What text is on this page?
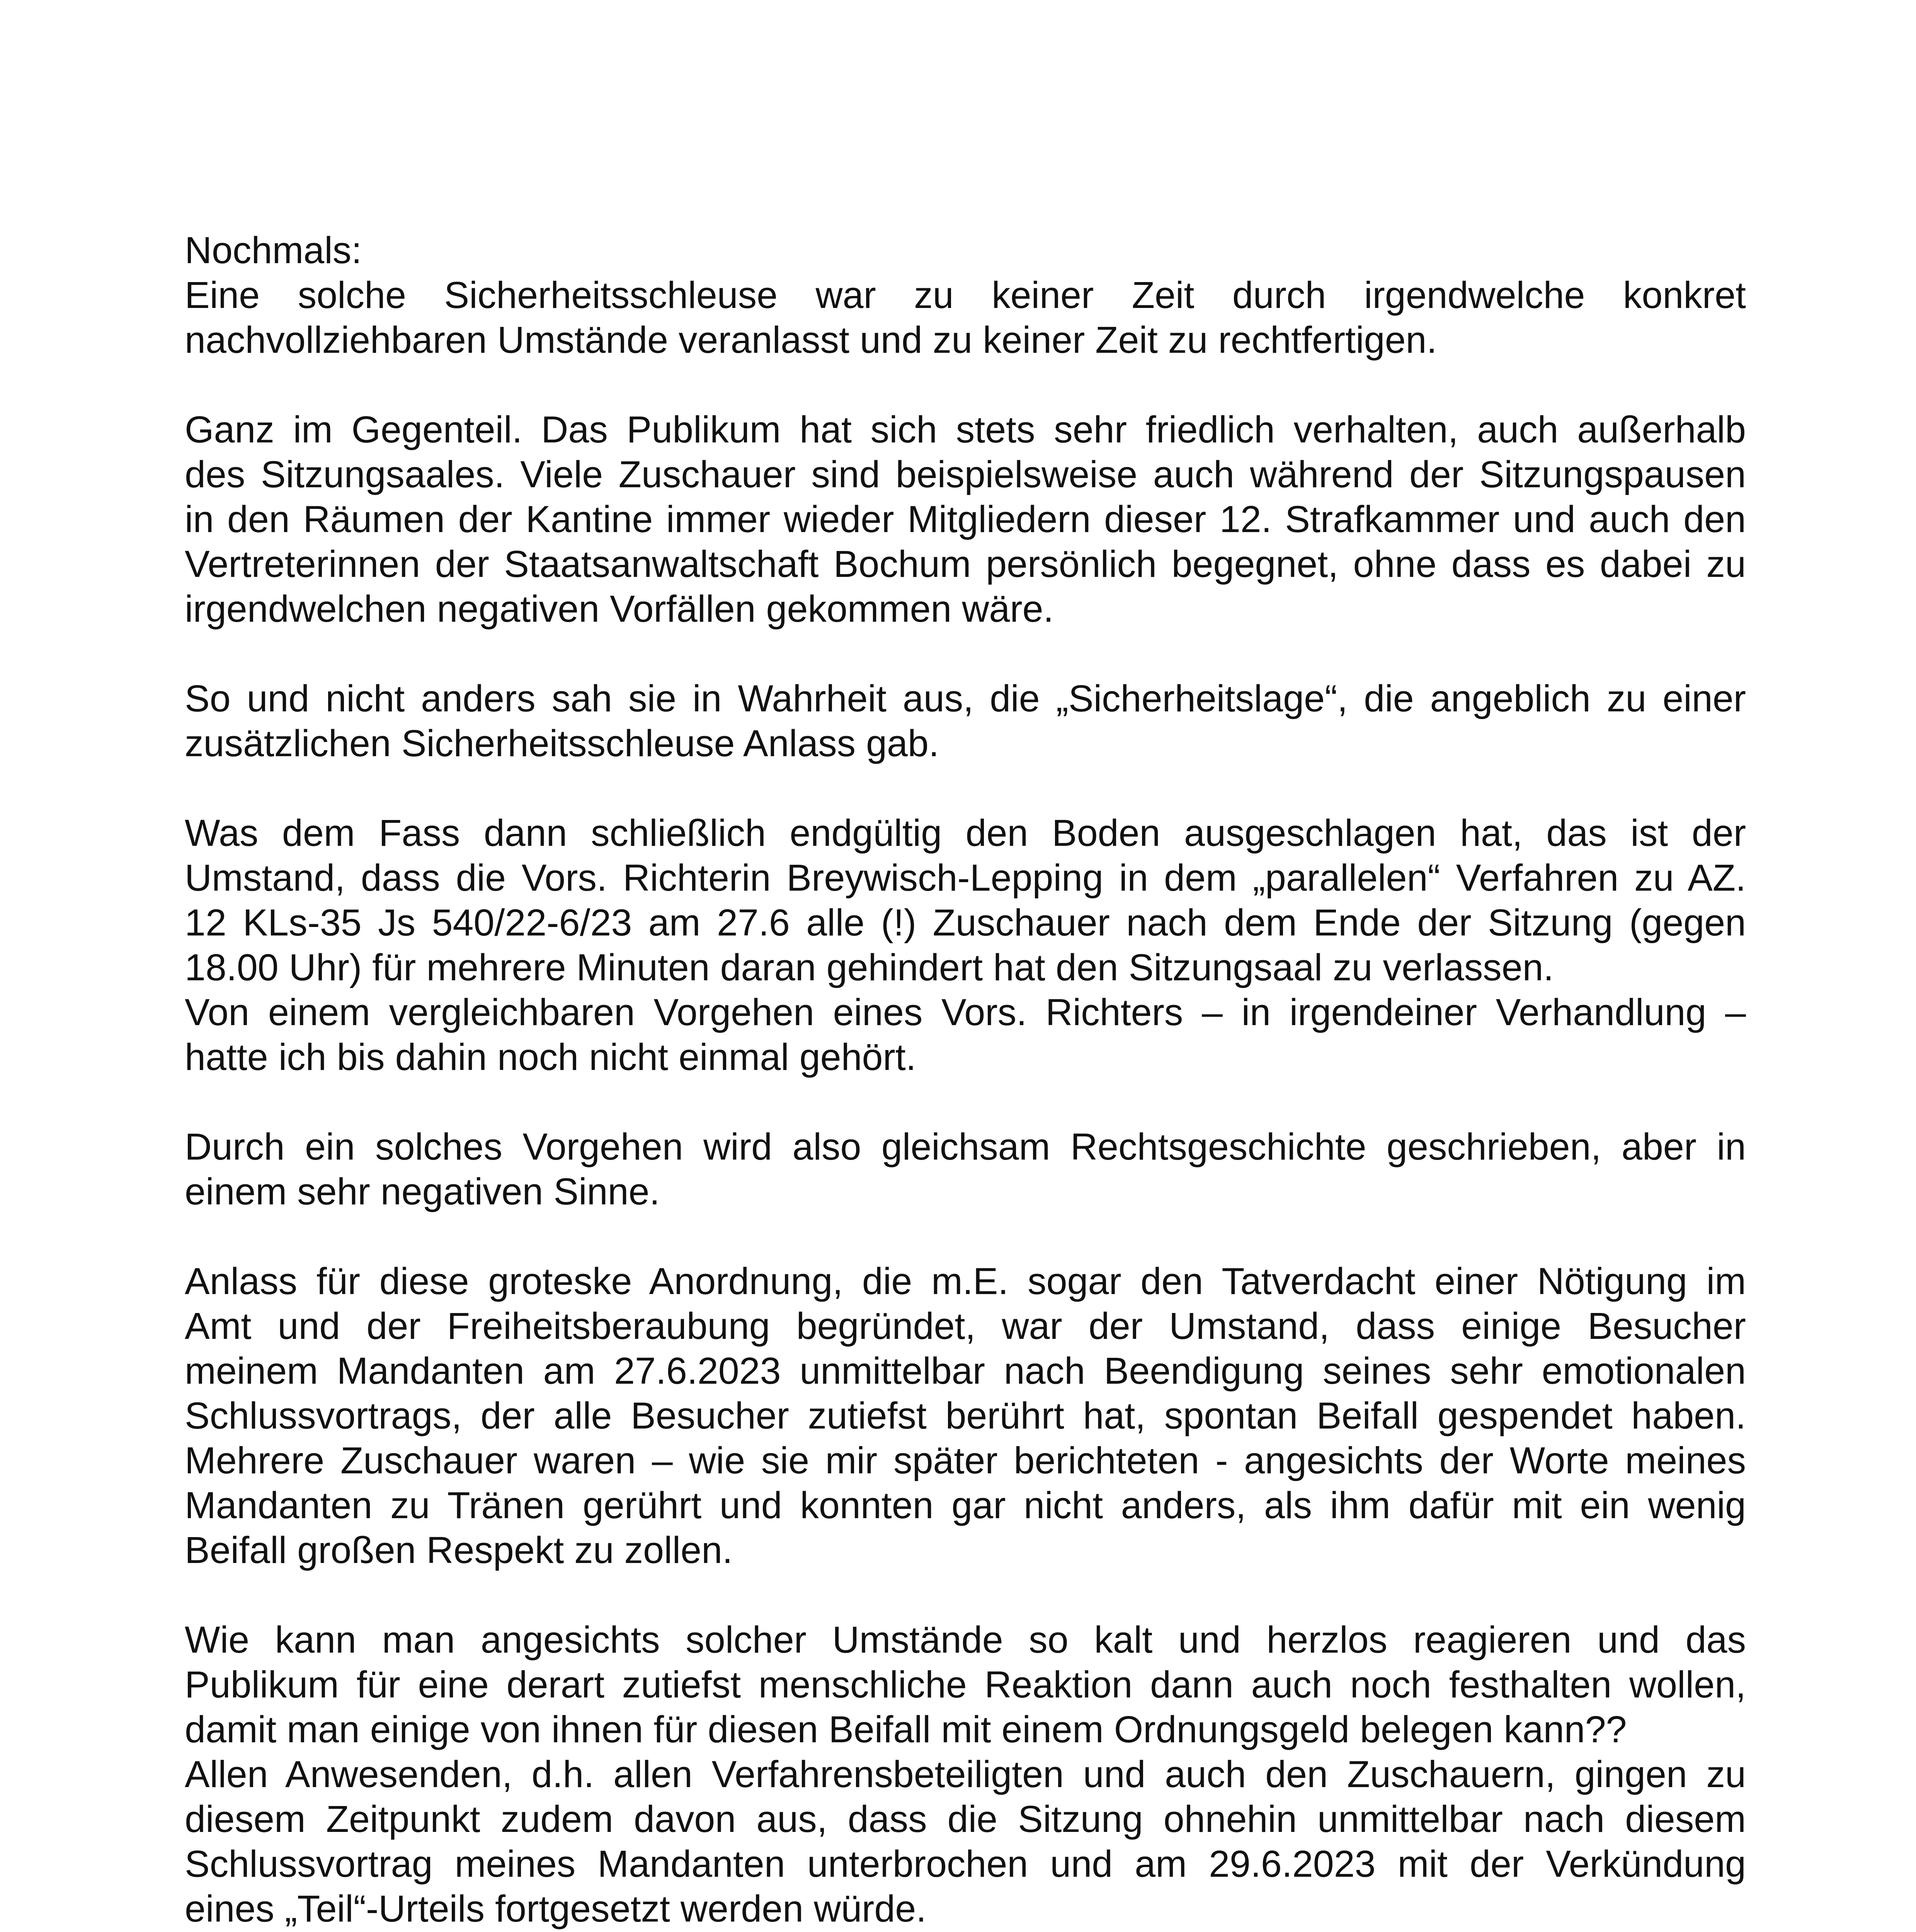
Nochmals:
Eine solche Sicherheitsschleuse war zu keiner Zeit durch irgendwelche konkret
nachvollziehbaren Umstände veranlasst und zu keiner Zeit zu rechtfertigen.
Ganz im Gegenteil. Das Publikum hat sich stets sehr friedlich verhalten, auch außerhalb
des Sitzungsaales. Viele Zuschauer sind beispielsweise auch während der Sitzungspausen
in den Räumen der Kantine immer wieder Mitgliedern dieser 12. Strafkammer und auch den
Vertreterinnen der Staatsanwaltschaft Bochum persönlich begegnet, ohne dass es dabei zu
irgendwelchen negativen Vorfällen gekommen wäre.
So und nicht anders sah sie in Wahrheit aus, die „Sicherheitslage“, die angeblich zu einer
zusätzlichen Sicherheitsschleuse Anlass gab.
Was dem Fass dann schließlich endgültig den Boden ausgeschlagen hat, das ist der
Umstand, dass die Vors. Richterin Breywisch-Lepping in dem „parallelen“ Verfahren zu AZ.
12 KLs-35 Js 540/22-6/23 am 27.6 alle (!) Zuschauer nach dem Ende der Sitzung (gegen
18.00 Uhr) für mehrere Minuten daran gehindert hat den Sitzungsaal zu verlassen.
Von einem vergleichbaren Vorgehen eines Vors. Richters – in irgendeiner Verhandlung –
hatte ich bis dahin noch nicht einmal gehört.
Durch ein solches Vorgehen wird also gleichsam Rechtsgeschichte geschrieben, aber in
einem sehr negativen Sinne.
Anlass für diese groteske Anordnung, die m.E. sogar den Tatverdacht einer Nötigung im
Amt und der Freiheitsberaubung begründet, war der Umstand, dass einige Besucher
meinem Mandanten am 27.6.2023 unmittelbar nach Beendigung seines sehr emotionalen
Schlussvortrags, der alle Besucher zutiefst berührt hat, spontan Beifall gespendet haben.
Mehrere Zuschauer waren – wie sie mir später berichteten - angesichts der Worte meines
Mandanten zu Tränen gerührt und konnten gar nicht anders, als ihm dafür mit ein wenig
Beifall großen Respekt zu zollen.
Wie kann man angesichts solcher Umstände so kalt und herzlos reagieren und das
Publikum für eine derart zutiefst menschliche Reaktion dann auch noch festhalten wollen,
damit man einige von ihnen für diesen Beifall mit einem Ordnungsgeld belegen kann??
Allen Anwesenden, d.h. allen Verfahrensbeteiligten und auch den Zuschauern, gingen zu
diesem Zeitpunkt zudem davon aus, dass die Sitzung ohnehin unmittelbar nach diesem
Schlussvortrag meines Mandanten unterbrochen und am 29.6.2023 mit der Verkündung
eines „Teil“-Urteils fortgesetzt werden würde.
